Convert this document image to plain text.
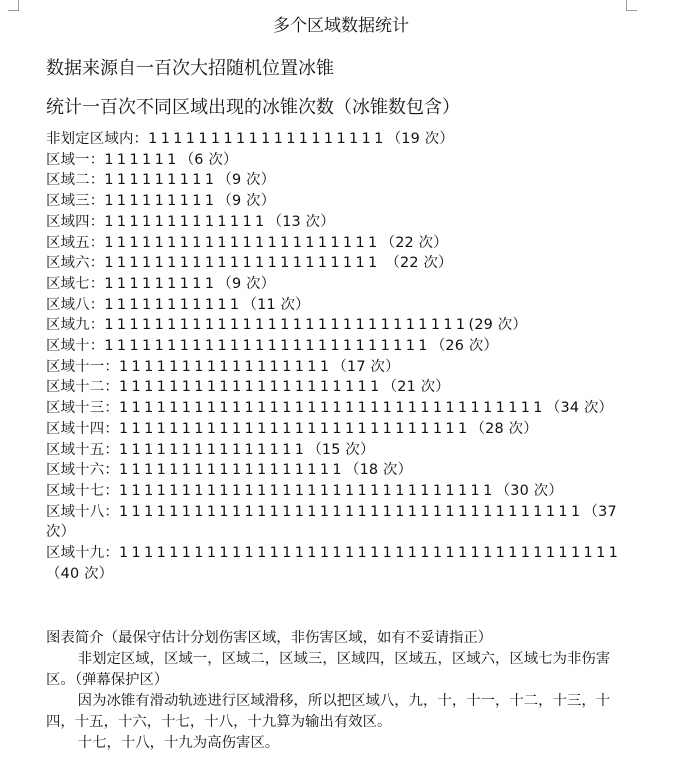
多个区域数据统计
数据来源自一百次大招随机位置冰锥
统计一百次不同区域出现的冰锥次数（冰锥数包含）
非划定区域内：1111111111111111111（19 次）
区域一：111111（6 次）
区域二：111111111（9 次）
区域三：111111111（9 次）
区域四：1111111111111（13 次）
区域五：1111111111111111111111（22 次）
区域六：1111111111111111111111 （22 次）
区域七：111111111（9 次）
区域八：11111111111（11 次）
区域九：11111111111111111111111111111(29 次）
区域十：11111111111111111111111111（26 次）
区域十一：11111111111111111（17 次）
区域十二：111111111111111111111（21 次）
区域十三：1111111111111111111111111111111111（34 次）
区域十四：1111111111111111111111111111（28 次）
区域十五：111111111111111（15 次）
区域十六：111111111111111111（18 次）
区域十七：111111111111111111111111111111（30 次）
区域十八：1111111111111111111111111111111111111（37 次）
区域十九：1111111111111111111111111111111111111111（40 次）

图表简介（最保守估计分划伤害区域，非伤害区域，如有不妥请指正）

非划定区域，区域一，区域二，区域三，区域四，区域五，区域六，区域七为非伤害区。（弹幕保护区）

因为冰锥有滑动轨迹进行区域滑移，所以把区域八，九，十，十一，十二，十三，十四，十五，十六，十七，十八，十九算为输出有效区。

十七，十八，十九为高伤害区。
